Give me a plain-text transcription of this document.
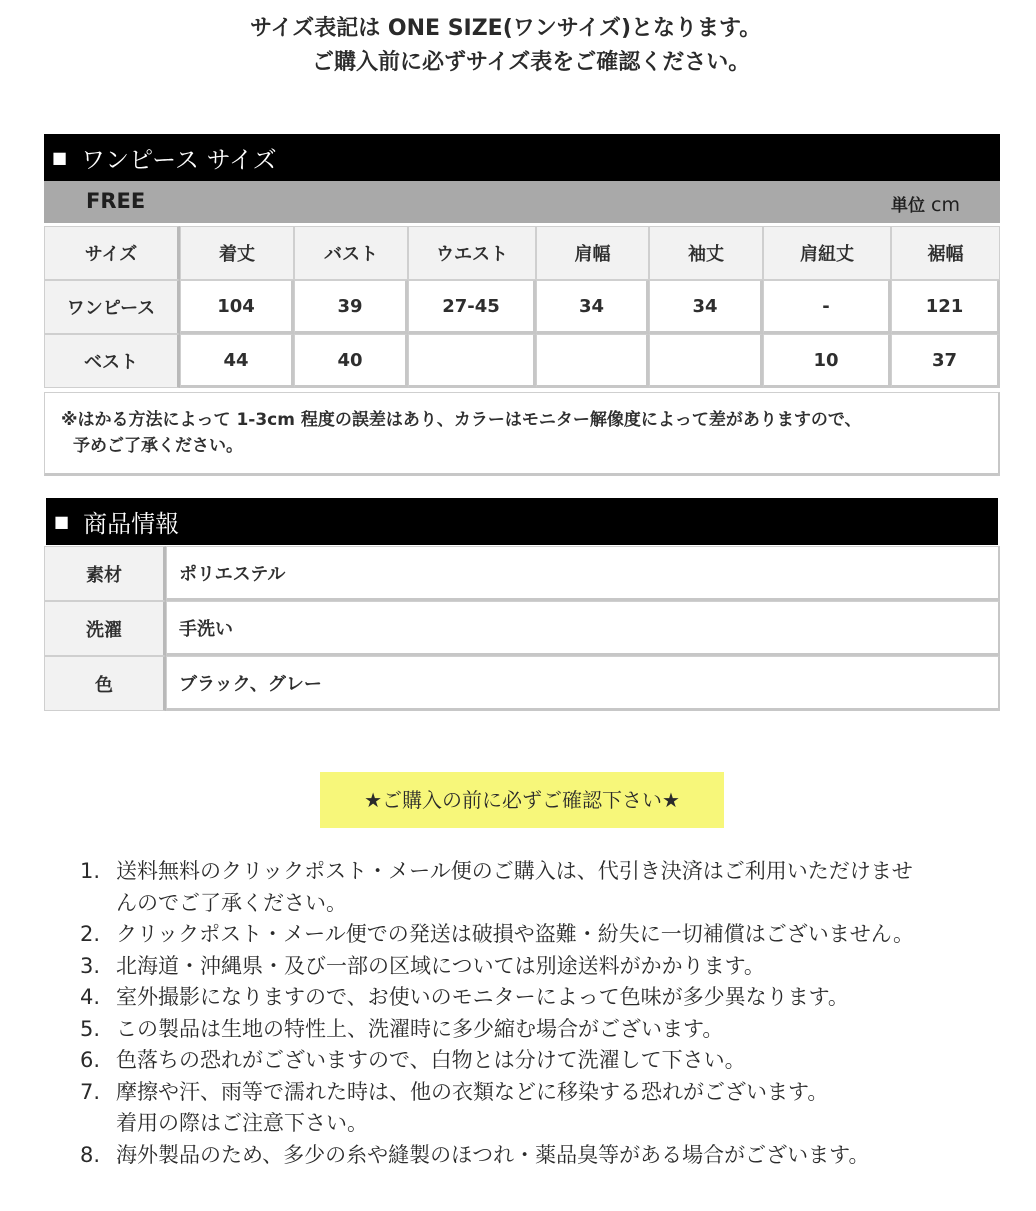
サイズ表記は ONE SIZE(ワンサイズ)となります。
ご購入前に必ずサイズ表をご確認ください。
■ ワンピース サイズ
FREE	単位 cm
サイズ	着丈	バスト	ウエスト	肩幅	袖丈	肩紐丈	裾幅
ワンピース	104	39	27-45	34	34	-	121
ベスト	44	40				10	37
※はかる方法によって 1-3cm 程度の誤差はあり、カラーはモニター解像度によって差がありますので、
予めご了承ください。
■ 商品情報
素材	ポリエステル
洗濯	手洗い
色	ブラック、グレー
★ご購入の前に必ずご確認下さい★
1. 送料無料のクリックポスト・メール便のご購入は、代引き決済はご利用いただけませ
んのでご了承ください。
2. クリックポスト・メール便での発送は破損や盗難・紛失に一切補償はございません。
3. 北海道・沖縄県・及び一部の区域については別途送料がかかります。
4. 室外撮影になりますので、お使いのモニターによって色味が多少異なります。
5. この製品は生地の特性上、洗濯時に多少縮む場合がございます。
6. 色落ちの恐れがございますので、白物とは分けて洗濯して下さい。
7. 摩擦や汗、雨等で濡れた時は、他の衣類などに移染する恐れがございます。
着用の際はご注意下さい。
8. 海外製品のため、多少の糸や縫製のほつれ・薬品臭等がある場合がございます。
